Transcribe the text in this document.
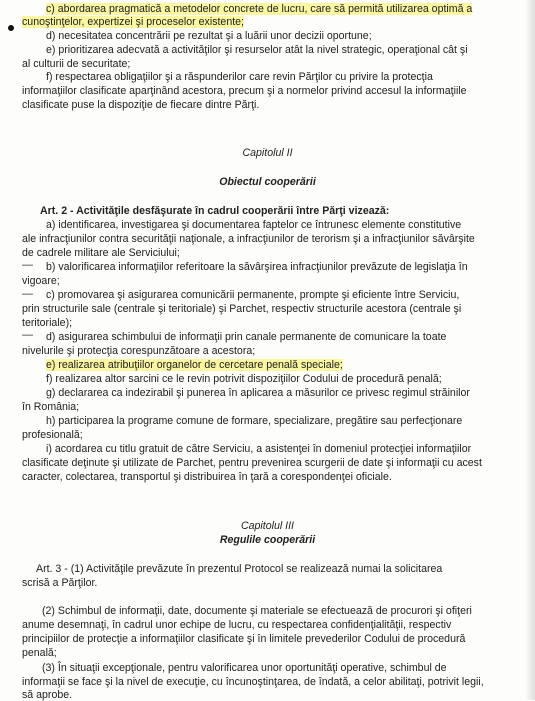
c) abordarea pragmatică a metodelor concrete de lucru, care să permită utilizarea optimă a
cunoştinţelor, expertizei şi proceselor existente;
d) necesitatea concentrării pe rezultat şi a luării unor decizii oportune;
e) prioritizarea adecvată a activităţilor şi resurselor atât la nivel strategic, operaţional cât şi
al culturii de securitate;
f) respectarea obligaţiilor şi a răspunderilor care revin Părţilor cu privire la protecţia
informaţiilor clasificate aparţinând acestora, precum şi a normelor privind accesul la informaţiile
clasificate puse la dispoziţie de fiecare dintre Părţi.
Capitolul II
Obiectul cooperării
Art. 2 - Activităţile desfăşurate în cadrul cooperării între Părţi vizează:
a) identificarea, investigarea şi documentarea faptelor ce întrunesc elemente constitutive
ale infracţiunilor contra securităţii naţionale, a infracţiunilor de terorism şi a infracţiunilor săvârşite
de cadrele militare ale Serviciului;
— b) valorificarea informaţiilor referitoare la săvârşirea infracţiunilor prevăzute de legislaţia în
vigoare;
— c) promovarea şi asigurarea comunicării permanente, prompte şi eficiente între Serviciu,
prin structurile sale (centrale şi teritoriale) şi Parchet, respectiv structurile acestora (centrale şi
teritoriale);
— d) asigurarea schimbului de informaţii prin canale permanente de comunicare la toate
nivelurile şi protecţia corespunzătoare a acestora;
e) realizarea atribuţiilor organelor de cercetare penală speciale;
f) realizarea altor sarcini ce le revin potrivit dispoziţiilor Codului de procedură penală;
g) declararea ca indezirabil şi punerea în aplicarea a măsurilor ce privesc regimul străinilor
în România;
h) participarea la programe comune de formare, specializare, pregătire sau perfecţionare
profesională;
i) acordarea cu titlu gratuit de către Serviciu, a asistenţei în domeniul protecţiei informaţiilor
clasificate deţinute şi utilizate de Parchet, pentru prevenirea scurgerii de date şi informaţii cu acest
caracter, colectarea, transportul şi distribuirea în ţară a corespondenţei oficiale.
Capitolul III
Regulile cooperării
Art. 3 - (1) Activităţile prevăzute în prezentul Protocol se realizează numai la solicitarea
scrisă a Părţilor.
(2) Schimbul de informaţii, date, documente şi materiale se efectuează de procurori şi ofiţeri
anume desemnaţi, în cadrul unor echipe de lucru, cu respectarea confidenţialităţii, respectiv
principiilor de protecţie a informaţiilor clasificate şi în limitele prevederilor Codului de procedură
penală;
(3) În situaţii excepţionale, pentru valorificarea unor oportunităţi operative, schimbul de
informaţii se face şi la nivel de execuţie, cu încunoştinţarea, de îndată, a celor abilitaţi, potrivit legii,
să aprobe.
